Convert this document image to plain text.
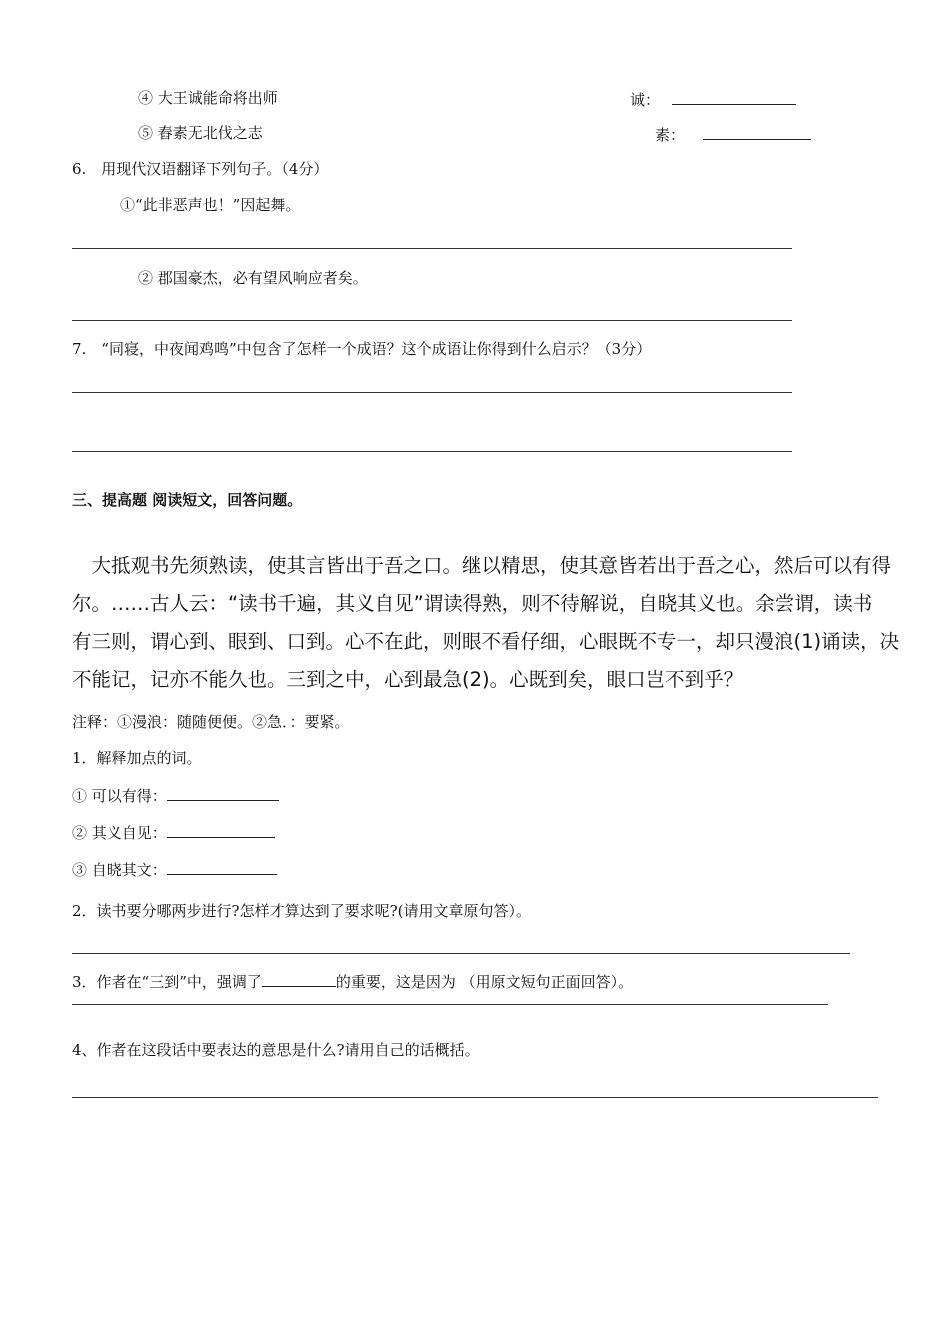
④ 大王诚能命将出师	诚：
⑤ 舂素无北伐之志	素：
6.　用现代汉语翻译下列句子。（4分）
①“此非恶声也！”因起舞。
② 郡国豪杰，必有望风响应者矣。
7.　“同寝，中夜闻鸡鸣”中包含了怎样一个成语？这个成语让你得到什么启示？（3分）
三、提高题 阅读短文，回答问题。
　大抵观书先须熟读，使其言皆出于吾之口。继以精思，使其意皆若出于吾之心，然后可以有得
尔。……古人云：“读书千遍，其义自见”谓读得熟，则不待解说，自晓其义也。余尝谓，读书
有三则，谓心到、眼到、口到。心不在此，则眼不看仔细，心眼既不专一，却只漫浪(1)诵读，决
不能记，记亦不能久也。三到之中，心到最急(2)。心既到矣，眼口岂不到乎？
注释：①漫浪：随随便便。②急．：要紧。
1．解释加点的词。
① 可以有得：
② 其义自见：
③ 自晓其文：
2．读书要分哪两步进行?怎样才算达到了要求呢?(请用文章原句答）。
3．作者在“三到”中，强调了	的重要，这是因为 （用原文短句正面回答）。
4、作者在这段话中要表达的意思是什么?请用自己的话概括。
